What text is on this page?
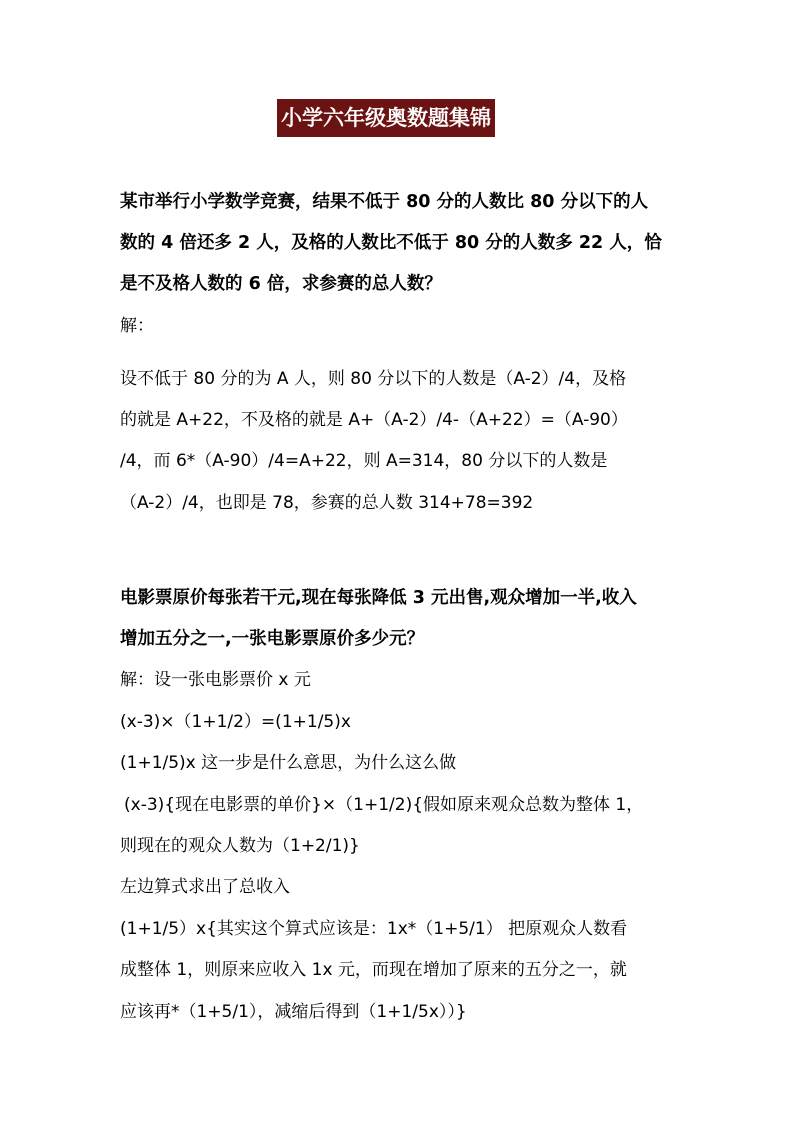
小学六年级奥数题集锦
某市举行小学数学竞赛，结果不低于 80 分的人数比 80 分以下的人
数的 4 倍还多 2 人，及格的人数比不低于 80 分的人数多 22 人，恰
是不及格人数的 6 倍，求参赛的总人数？
解：
设不低于 80 分的为 A 人，则 80 分以下的人数是（A-2）/4，及格
的就是 A+22，不及格的就是 A+（A-2）/4-（A+22）=（A-90）
/4，而 6*（A-90）/4=A+22，则 A=314，80 分以下的人数是
（A-2）/4，也即是 78，参赛的总人数 314+78=392
电影票原价每张若干元,现在每张降低 3 元出售,观众增加一半,收入
增加五分之一,一张电影票原价多少元？
解：设一张电影票价 x 元
(x-3)×（1+1/2）=(1+1/5)x
(1+1/5)x 这一步是什么意思，为什么这么做
(x-3){现在电影票的单价}×（1+1/2){假如原来观众总数为整体 1，
则现在的观众人数为（1+2/1)}
左边算式求出了总收入
(1+1/5）x{其实这个算式应该是：1x*（1+5/1） 把原观众人数看
成整体 1，则原来应收入 1x 元，而现在增加了原来的五分之一，就
应该再*（1+5/1），减缩后得到（1+1/5x））}
